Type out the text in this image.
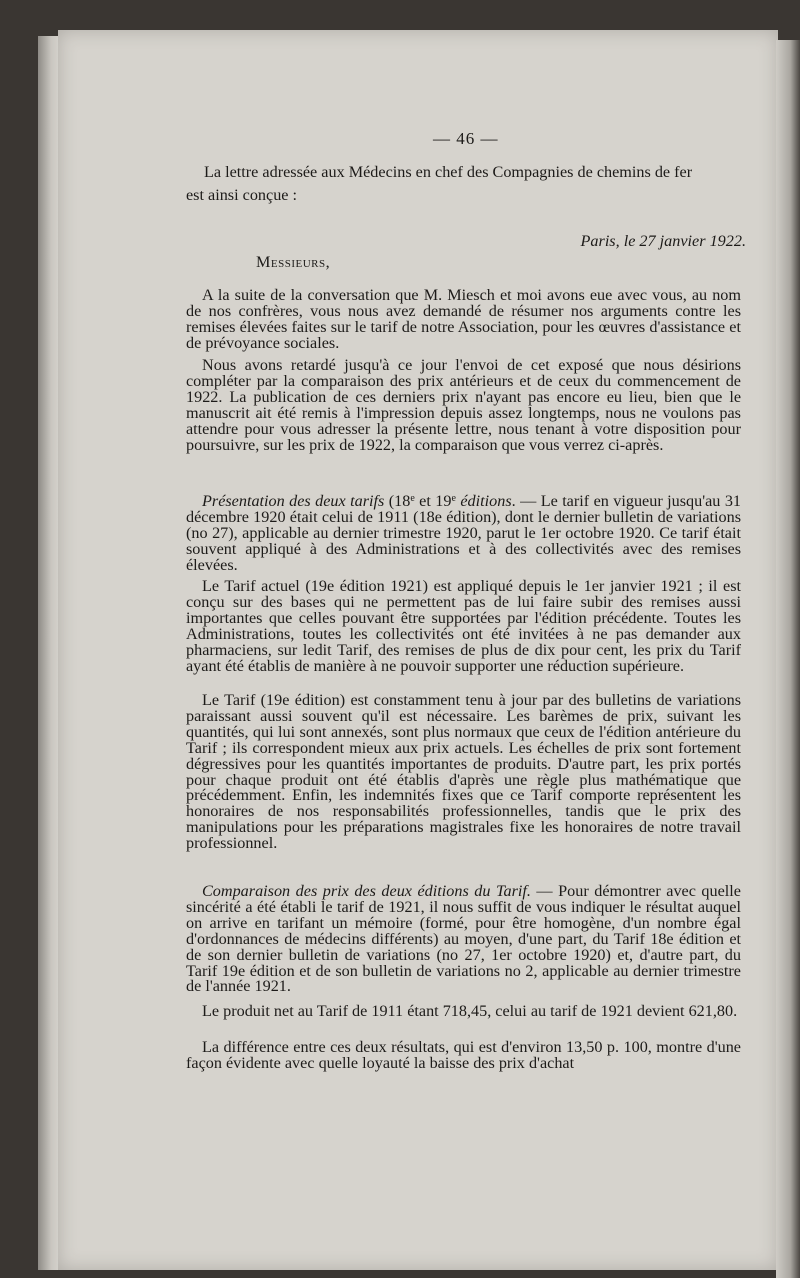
— 46 —

La lettre adressée aux Médecins en chef des Compagnies de chemins de fer

est ainsi conçue :

Paris, le 27 janvier 1922.

Messieurs,

A la suite de la conversation que M. Miesch et moi avons eue avec vous, au nom de nos confrères, vous nous avez demandé de résumer nos arguments contre les remises élevées faites sur le tarif de notre Association, pour les œuvres d'assistance et de prévoyance sociales.

Nous avons retardé jusqu'à ce jour l'envoi de cet exposé que nous désirions compléter par la comparaison des prix antérieurs et de ceux du commencement de 1922. La publication de ces derniers prix n'ayant pas encore eu lieu, bien que le manuscrit ait été remis à l'impression depuis assez longtemps, nous ne voulons pas attendre pour vous adresser la présente lettre, nous tenant à votre disposition pour poursuivre, sur les prix de 1922, la comparaison que vous verrez ci-après.

Présentation des deux tarifs (18e et 19e éditions. — Le tarif en vigueur jusqu'au 31 décembre 1920 était celui de 1911 (18e édition), dont le dernier bulletin de variations (no 27), applicable au dernier trimestre 1920, parut le 1er octobre 1920. Ce tarif était souvent appliqué à des Administrations et à des collectivités avec des remises élevées.

Le Tarif actuel (19e édition 1921) est appliqué depuis le 1er janvier 1921 ; il est conçu sur des bases qui ne permettent pas de lui faire subir des remises aussi importantes que celles pouvant être supportées par l'édition précédente. Toutes les Administrations, toutes les collectivités ont été invitées à ne pas demander aux pharmaciens, sur ledit Tarif, des remises de plus de dix pour cent, les prix du Tarif ayant été établis de manière à ne pouvoir supporter une réduction supérieure.

Le Tarif (19e édition) est constamment tenu à jour par des bulletins de variations paraissant aussi souvent qu'il est nécessaire. Les barèmes de prix, suivant les quantités, qui lui sont annexés, sont plus normaux que ceux de l'édition antérieure du Tarif ; ils correspondent mieux aux prix actuels. Les échelles de prix sont fortement dégressives pour les quantités importantes de produits. D'autre part, les prix portés pour chaque produit ont été établis d'après une règle plus mathématique que précédemment. Enfin, les indemnités fixes que ce Tarif comporte représentent les honoraires de nos responsabilités professionnelles, tandis que le prix des manipulations pour les préparations magistrales fixe les honoraires de notre travail professionnel.

Comparaison des prix des deux éditions du Tarif. — Pour démontrer avec quelle sincérité a été établi le tarif de 1921, il nous suffit de vous indiquer le résultat auquel on arrive en tarifant un mémoire (formé, pour être homogène, d'un nombre égal d'ordonnances de médecins différents) au moyen, d'une part, du Tarif 18e édition et de son dernier bulletin de variations (no 27, 1er octobre 1920) et, d'autre part, du Tarif 19e édition et de son bulletin de variations no 2, applicable au dernier trimestre de l'année 1921.

Le produit net au Tarif de 1911 étant 718,45, celui au tarif de 1921 devient 621,80.

La différence entre ces deux résultats, qui est d'environ 13,50 p. 100, montre d'une façon évidente avec quelle loyauté la baisse des prix d'achat
